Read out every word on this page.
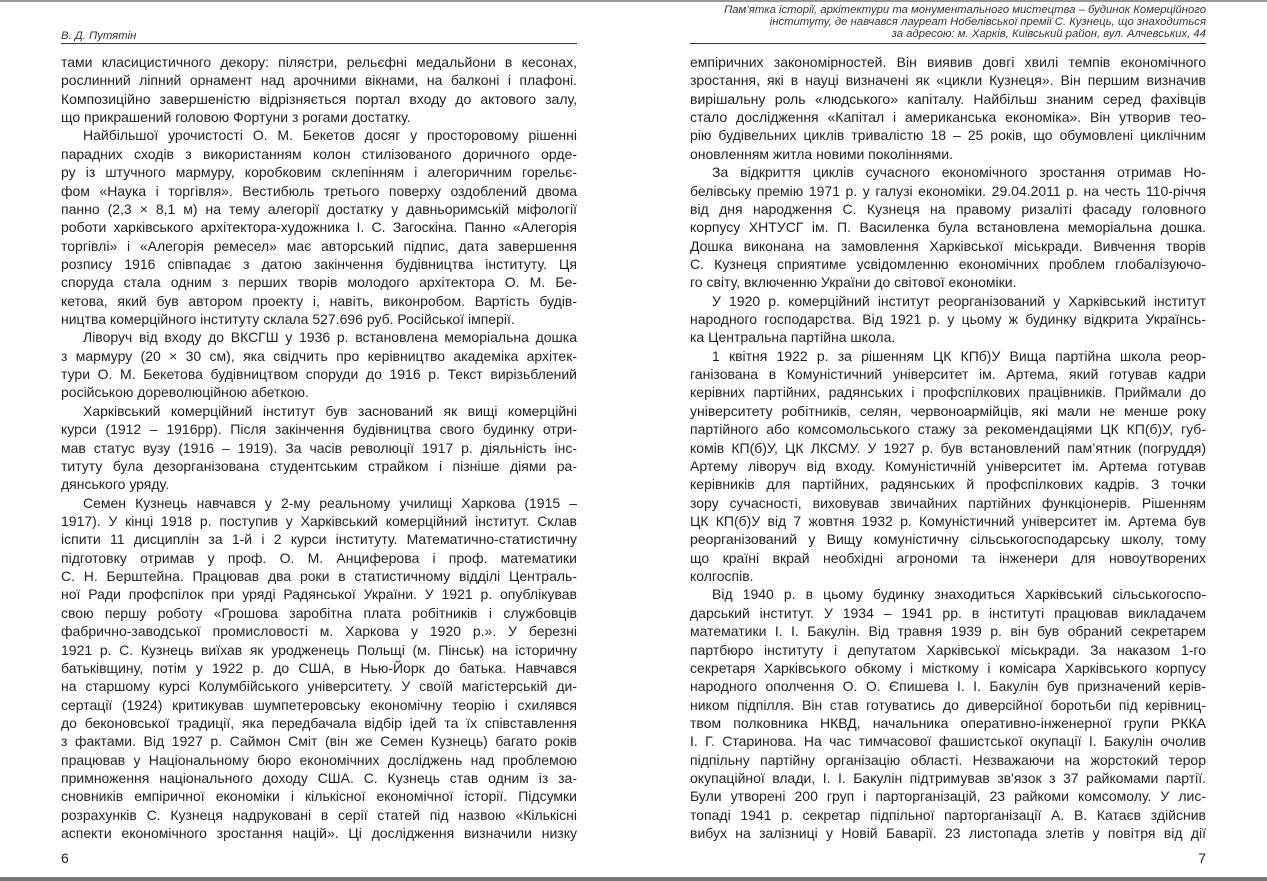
В. Д. Путятін
тами класицистичного декору: пілястри, рельєфні медальйони в кесонах,
рослинний ліпний орнамент над арочними вікнами, на балконі і плафоні.
Композиційно завершеністю відрізняється портал входу до актового залу,
що прикрашений головою Фортуни з рогами достатку.
Найбільшої урочистості О. М. Бекетов досяг у просторовому рішенні
парадних сходів з використанням колон стилізованого доричного орде-
ру із штучного мармуру, коробковим склепінням і алегоричним горельє-
фом «Наука і торгівля». Вестибюль третього поверху оздоблений двома
панно (2,3 × 8,1 м) на тему алегорії достатку у давньоримській міфології
роботи харківського архітектора-художника І. С. Загоскіна. Панно «Алегорія
торгівлі» і «Алегорія ремесел» має авторський підпис, дата завершення
розпису 1916 співпадає з датою закінчення будівництва інституту. Ця
споруда стала одним з перших творів молодого архітектора О. М. Бе-
кетова, який був автором проекту і, навіть, виконробом. Вартість будів-
ництва комерційного інституту склала 527.696 руб. Російської імперії.
Ліворуч від входу до ВКСГШ у 1936 р. встановлена меморіальна дошка
з мармуру (20 × 30 см), яка свідчить про керівництво академіка архітек-
тури О. М. Бекетова будівництвом споруди до 1916 р. Текст вирізьблений
російською дореволюційною абеткою.
Харківський комерційний інститут був заснований як вищі комерційні
курси (1912 – 1916рр). Після закінчення будівництва свого будинку отри-
мав статус вузу (1916 – 1919). За часів революції 1917 р. діяльність інс-
титуту була дезорганізована студентським страйком і пізніше діями ра-
дянського уряду.
Семен Кузнець навчався у 2-му реальному училищі Харкова (1915 –
1917). У кінці 1918 р. поступив у Харківський комерційний інститут. Склав
іспити 11 дисциплін за 1-й і 2 курси інституту. Математично-статистичну
підготовку отримав у проф. О. М. Анциферова і проф. математики
С. Н. Берштейна. Працював два роки в статистичному відділі Централь-
ної Ради профспілок при уряді Радянської України. У 1921 р. опублікував
свою першу роботу «Грошова заробітна плата робітників і службовців
фабрично-заводської промисловості м. Харкова у 1920 р.». У березні
1921 р. С. Кузнець виїхав як уродженець Польщі (м. Пінськ) на історичну
батьківщину, потім у 1922 р. до США, в Нью-Йорк до батька. Навчався
на старшому курсі Колумбійського університету. У своїй магістерській ди-
сертації (1924) критикував шумпетеровську економічну теорію і схилявся
до беконовської традиції, яка передбачала відбір ідей та їх співставлення
з фактами. Від 1927 р. Саймон Сміт (він же Семен Кузнець) багато років
працював у Національному бюро економічних досліджень над проблемою
примноження національного доходу США. С. Кузнець став одним із за-
сновників емпіричної економіки і кількісної економічної історії. Підсумки
розрахунків С. Кузнеця надруковані в серії статей під назвою «Кількісні
аспекти економічного зростання націй». Ці дослідження визначили низку
6
Пам’ятка історії, архітектури та монументального мистецтва – будинок Комерційного
інституту, де навчався лауреат Нобелівської премії С. Кузнець, що знаходиться
за адресою: м. Харків, Київський район, вул. Алчевських, 44
емпіричних закономірностей. Він виявив довгі хвилі темпів економічного
зростання, які в науці визначені як «цикли Кузнеця». Він першим визначив
вирішальну роль «людського» капіталу. Найбільш знаним серед фахівців
стало дослідження «Капітал і американська економіка». Він утворив тео-
рію будівельних циклів тривалістю 18 – 25 років, що обумовлені циклічним
оновленням житла новими поколіннями.
За відкриття циклів сучасного економічного зростання отримав Но-
белівську премію 1971 р. у галузі економіки. 29.04.2011 р. на честь 110-річчя
від дня народження С. Кузнеця на правому ризаліті фасаду головного
корпусу ХНТУСГ ім. П. Василенка була встановлена меморіальна дошка.
Дошка виконана на замовлення Харківської міськради. Вивчення творів
С. Кузнеця сприятиме усвідомленню економічних проблем глобалізуючо-
го світу, включенню України до світової економіки.
У 1920 р. комерційний інститут реорганізований у Харківський інститут
народного господарства. Від 1921 р. у цьому ж будинку відкрита Українсь-
ка Центральна партійна школа.
1 квітня 1922 р. за рішенням ЦК КПб)У Вища партійна школа реор-
ганізована в Комуністичний університет ім. Артема, який готував кадри
керівних партійних, радянських і профспілкових працівників. Приймали до
університету робітників, селян, червоноармійців, які мали не менше року
партійного або комсомольського стажу за рекомендаціями ЦК КП(б)У, губ-
комів КП(б)У, ЦК ЛКСМУ. У 1927 р. був встановлений пам’ятник (погруддя)
Артему ліворуч від входу. Комуністичній університет ім. Артема готував
керівників для партійних, радянських й профспілкових кадрів. З точки
зору сучасності, виховував звичайних партійних функціонерів. Рішенням
ЦК КП(б)У від 7 жовтня 1932 р. Комуністичний університет ім. Артема був
реорганізований у Вищу комуністичну сільськогосподарську школу, тому
що країні вкрай необхідні агрономи та інженери для новоутворених
колгоспів.
Від 1940 р. в цьому будинку знаходиться Харківський сільськогоспо-
дарський інститут. У 1934 – 1941 рр. в інституті працював викладачем
математики І. І. Бакулін. Від травня 1939 р. він був обраний секретарем
партбюро інституту і депутатом Харківської міськради. За наказом 1-го
секретаря Харківського обкому і місткому і комісара Харківського корпусу
народного ополчення О. О. Єпишева І. І. Бакулін був призначений керів-
ником підпілля. Він став готуватись до диверсійної боротьби під керівниц-
твом полковника НКВД, начальника оперативно-інженерної групи РККА
І. Г. Старинова. На час тимчасової фашистської окупації І. Бакулін очолив
підпільну партійну організацію області. Незважаючи на жорстокий терор
окупаційної влади, І. І. Бакулін підтримував зв'язок з 37 райкомами партії.
Були утворені 200 груп і парторганізацій, 23 райкоми комсомолу. У лис-
топаді 1941 р. секретар підпільної парторганізації А. В. Катаєв здійснив
вибух на залізниці у Новій Баварії. 23 листопада злетів у повітря від дії
7
